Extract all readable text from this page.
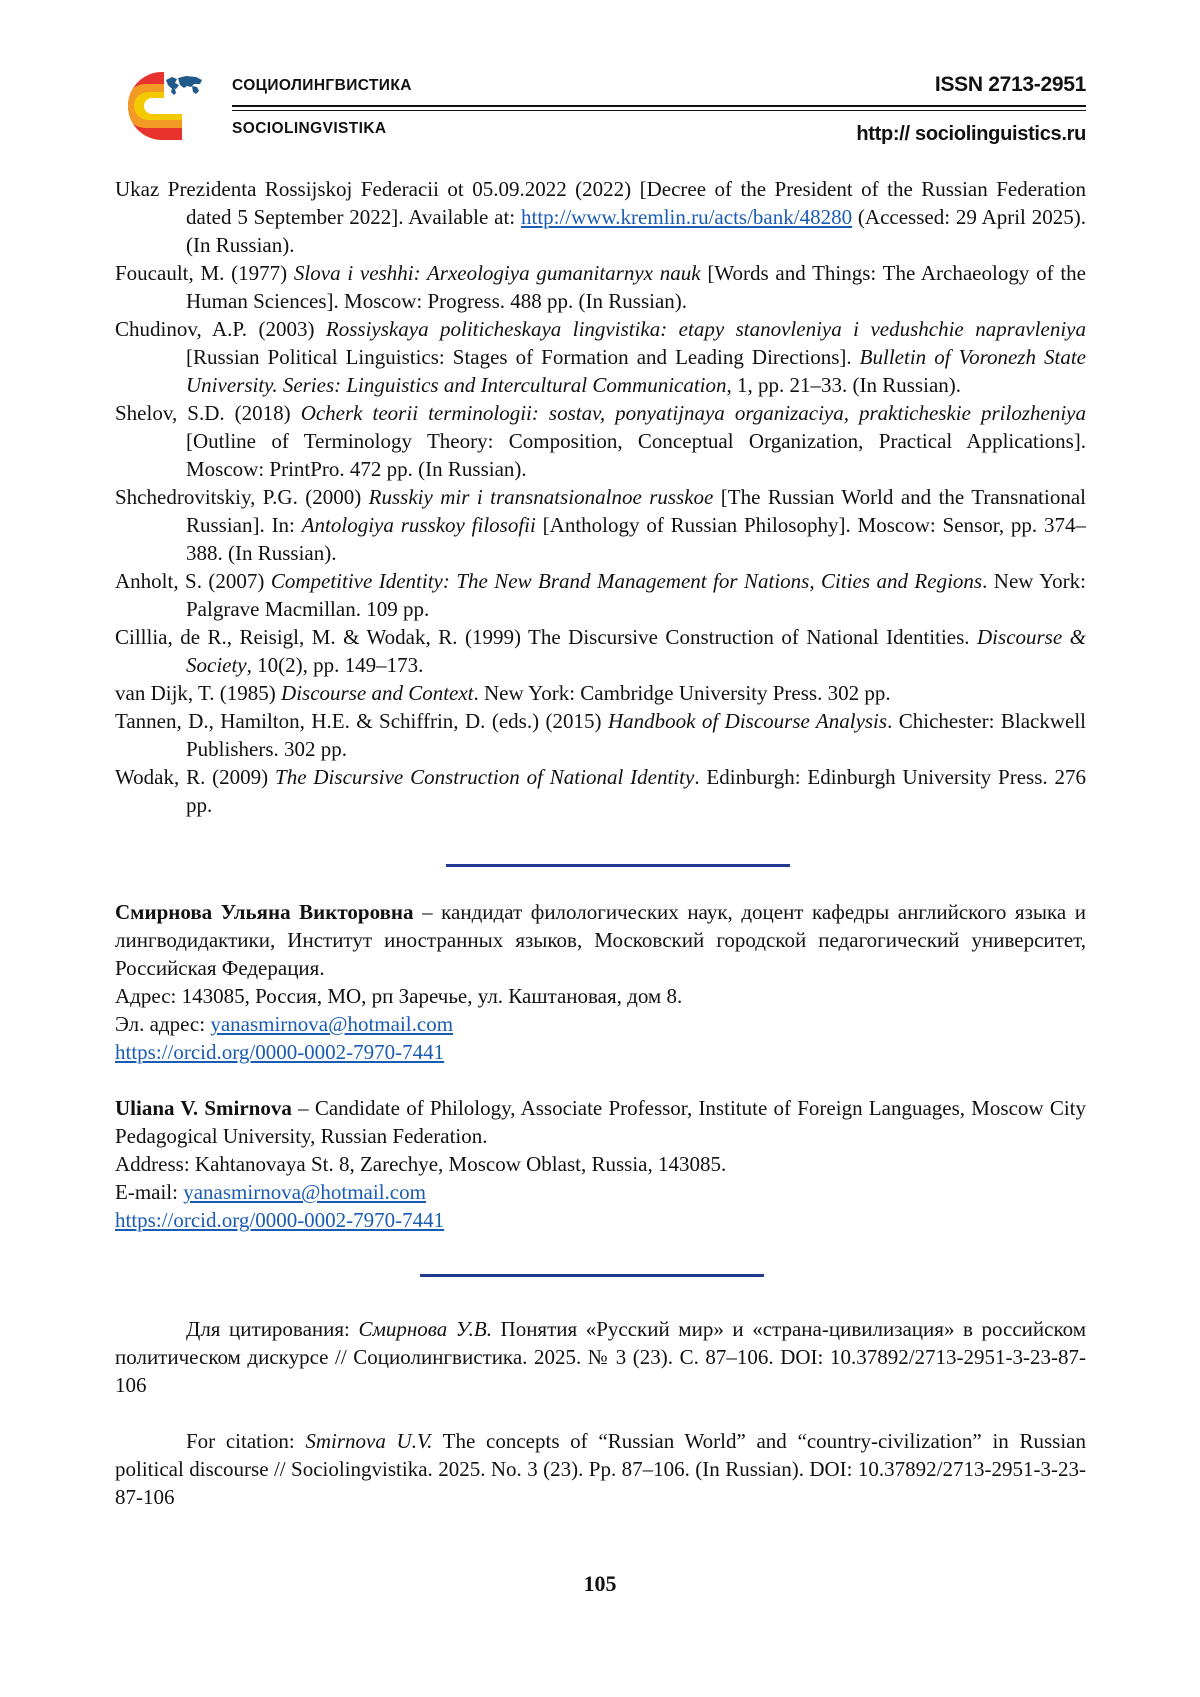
СОЦИОЛИНГВИСТИКА
SOCIOLINGVISTIKA
ISSN 2713-2951
http:// sociolinguistics.ru

Ukaz Prezidenta Rossijskoj Federacii ot 05.09.2022 (2022) [Decree of the President of the Russian Federation dated 5 September 2022]. Available at: http://www.kremlin.ru/acts/bank/48280 (Accessed: 29 April 2025). (In Russian).

Foucault, M. (1977) Slova i veshhi: Arxeologiya gumanitarnyx nauk [Words and Things: The Archaeology of the Human Sciences]. Moscow: Progress. 488 pp. (In Russian).

Chudinov, A.P. (2003) Rossiyskaya politicheskaya lingvistika: etapy stanovleniya i vedushchie napravleniya [Russian Political Linguistics: Stages of Formation and Leading Directions]. Bulletin of Voronezh State University. Series: Linguistics and Intercultural Communication, 1, pp. 21–33. (In Russian).

Shelov, S.D. (2018) Ocherk teorii terminologii: sostav, ponyatijnaya organizaciya, prakticheskie prilozheniya [Outline of Terminology Theory: Composition, Conceptual Organization, Practical Applications]. Moscow: PrintPro. 472 pp. (In Russian).

Shchedrovitskiy, P.G. (2000) Russkiy mir i transnatsionalnoe russkoe [The Russian World and the Transnational Russian]. In: Antologiya russkoy filosofii [Anthology of Russian Philosophy]. Moscow: Sensor, pp. 374–388. (In Russian).

Anholt, S. (2007) Competitive Identity: The New Brand Management for Nations, Cities and Regions. New York: Palgrave Macmillan. 109 pp.

Cilllia, de R., Reisigl, M. & Wodak, R. (1999) The Discursive Construction of National Identities. Discourse & Society, 10(2), pp. 149–173.

van Dijk, T. (1985) Discourse and Context. New York: Cambridge University Press. 302 pp.

Tannen, D., Hamilton, H.E. & Schiffrin, D. (eds.) (2015) Handbook of Discourse Analysis. Chichester: Blackwell Publishers. 302 pp.

Wodak, R. (2009) The Discursive Construction of National Identity. Edinburgh: Edinburgh University Press. 276 pp.

Смирнова Ульяна Викторовна – кандидат филологических наук, доцент кафедры английского языка и лингводидактики, Институт иностранных языков, Московский городской педагогический университет, Российская Федерация.

Адрес: 143085, Россия, МО, рп Заречье, ул. Каштановая, дом 8.

Эл. адрес: yanasmirnova@hotmail.com

https://orcid.org/0000-0002-7970-7441

Uliana V. Smirnova – Candidate of Philology, Associate Professor, Institute of Foreign Languages, Moscow City Pedagogical University, Russian Federation.

Address: Kahtanovaya St. 8, Zarechye, Moscow Oblast, Russia, 143085.

E-mail: yanasmirnova@hotmail.com

https://orcid.org/0000-0002-7970-7441

Для цитирования: Смирнова У.В. Понятия «Русский мир» и «страна-цивилизация» в российском политическом дискурсе // Социолингвистика. 2025. № 3 (23). С. 87–106. DOI: 10.37892/2713-2951-3-23-87-106

For citation: Smirnova U.V. The concepts of “Russian World” and “country-civilization” in Russian political discourse // Sociolingvistika. 2025. No. 3 (23). Pp. 87–106. (In Russian). DOI: 10.37892/2713-2951-3-23-87-106

105
